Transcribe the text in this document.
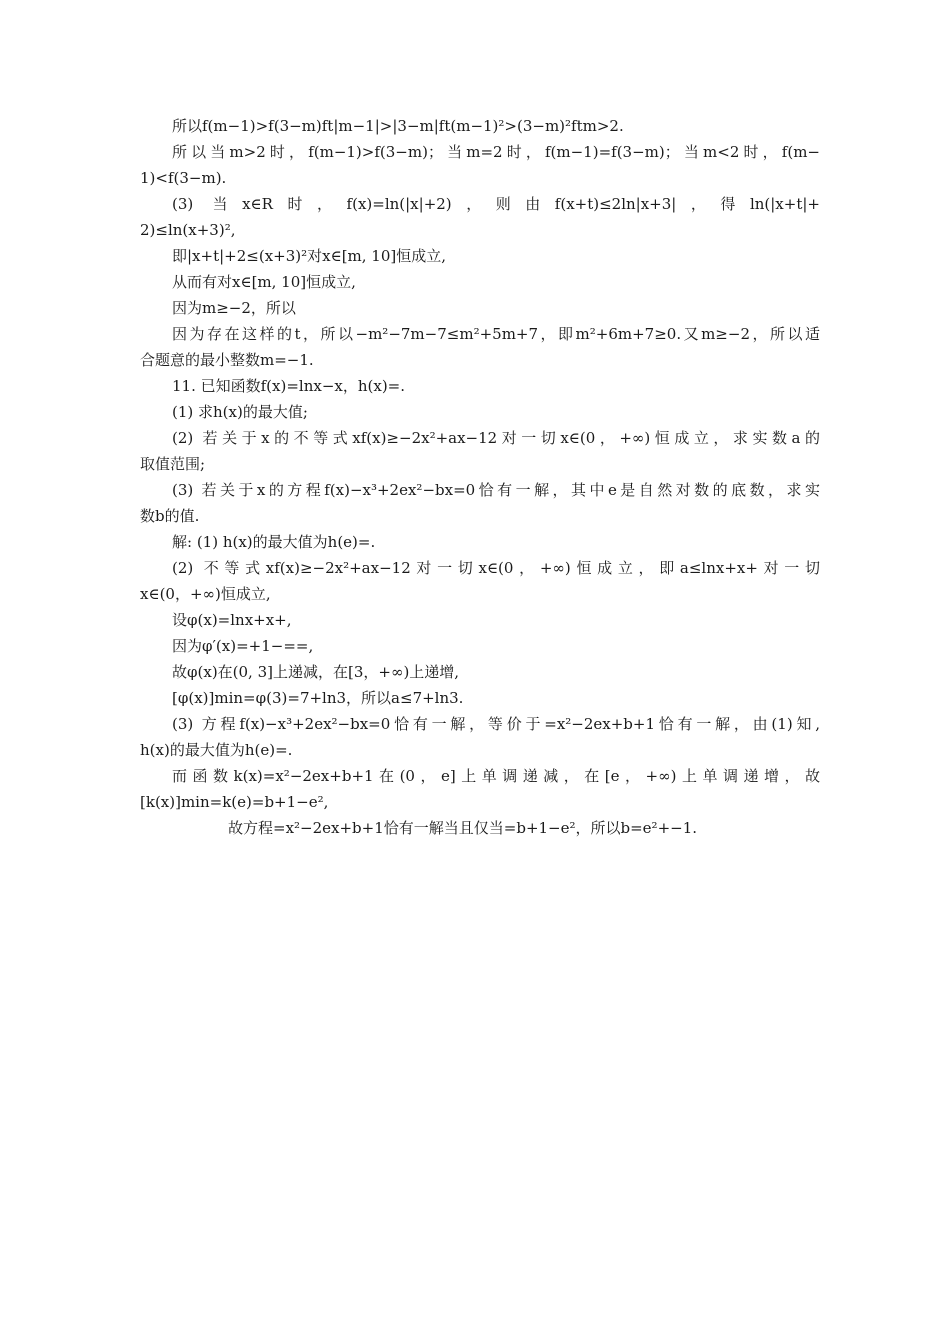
所以f(m−1)>f(3−m)ft|m−1|>|3−m|ft(m−1)²>(3−m)²ftm>2.
所以当m>2时，f(m−1)>f(3−m)；当m=2时，f(m−1)=f(3−m)；当m<2时，f(m−
1)<f(3−m).
(3) 当x∈R时，f(x)=ln(|x|+2)，则由f(x+t)≤2ln|x+3|，得ln(|x+t|+
2)≤ln(x+3)²,
即|x+t|+2≤(x+3)²对x∈[m, 10]恒成立,
从而有对x∈[m, 10]恒成立,
因为m≥−2，所以
因为存在这样的t，所以−m²−7m−7≤m²+5m+7，即m²+6m+7≥0.又m≥−2，所以适
合题意的最小整数m=−1.
11. 已知函数f(x)=lnx−x，h(x)=.
(1) 求h(x)的最大值;
(2) 若关于x的不等式xf(x)≥−2x²+ax−12对一切x∈(0，+∞)恒成立，求实数a的
取值范围;
(3) 若关于x的方程f(x)−x³+2ex²−bx=0恰有一解，其中e是自然对数的底数，求实
数b的值.
解: (1) h(x)的最大值为h(e)=.
(2) 不等式xf(x)≥−2x²+ax−12对一切x∈(0，+∞)恒成立，即a≤lnx+x+对一切
x∈(0，+∞)恒成立,
设φ(x)=lnx+x+,
因为φ′(x)=+1−==,
故φ(x)在(0, 3]上递减，在[3，+∞)上递增,
[φ(x)]min=φ(3)=7+ln3，所以a≤7+ln3.
(3) 方程f(x)−x³+2ex²−bx=0恰有一解，等价于=x²−2ex+b+1恰有一解，由(1)知,
h(x)的最大值为h(e)=.
而函数k(x)=x²−2ex+b+1在(0，e]上单调递减，在[e，+∞)上单调递增，故
[k(x)]min=k(e)=b+1−e²,
故方程=x²−2ex+b+1恰有一解当且仅当=b+1−e²，所以b=e²+−1.
